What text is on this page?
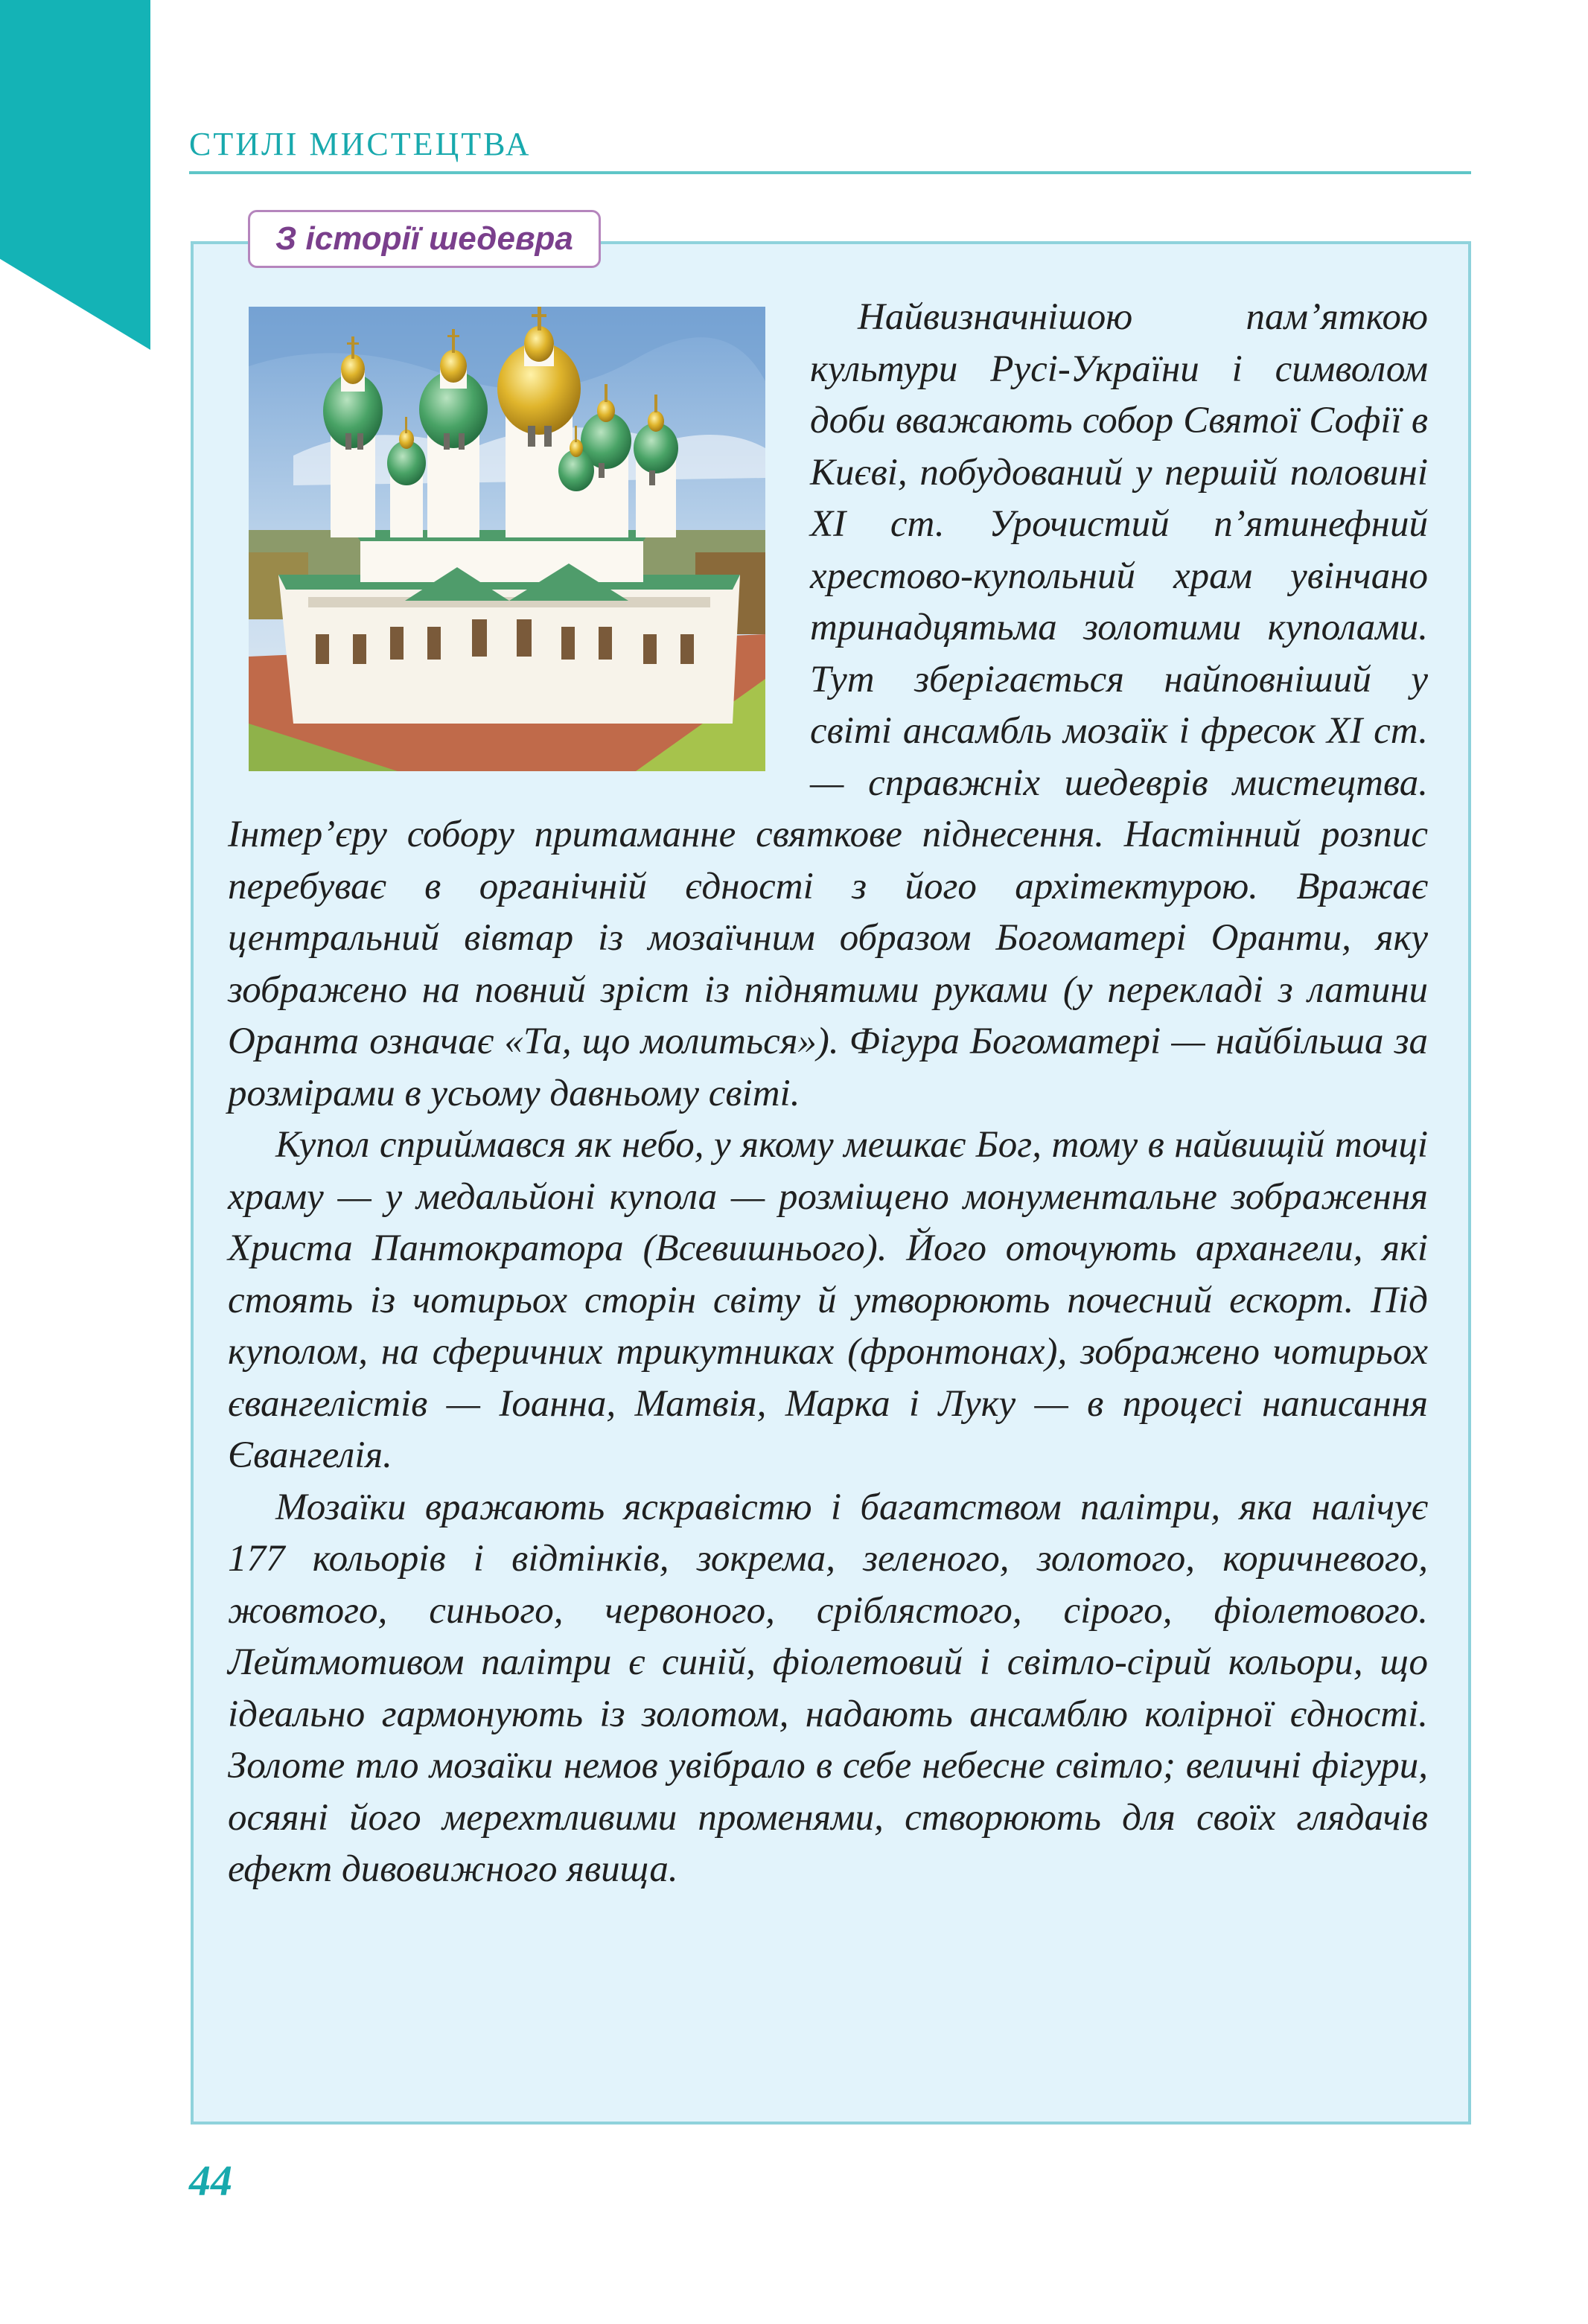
СТИЛІ МИСТЕЦТВА
З історії шедевра

Найвизначнішою пам’яткою культури Русі-України і символом доби вважають собор Святої Софії в Києві, побудований у першій половині XI ст. Урочистий п’ятинефний хрестово-купольний храм увінчано тринадцятьма золотими куполами. Тут зберігається найповніший у світі ансамбль мозаїк і фресок XI ст. — справжніх шедеврів мистецтва. Інтер’єру собору притаманне святкове піднесення. Настінний розпис перебуває в органічній єдності з його архітектурою. Вражає центральний вівтар із мозаїчним образом Богоматері Оранти, яку зображено на повний зріст із піднятими руками (у перекладі з латини Оранта означає «Та, що молиться»). Фігура Богоматері — найбільша за розмірами в усьому давньому світі.

Купол сприймався як небо, у якому мешкає Бог, тому в найвищій точці храму — у медальйоні купола — розміщено монументальне зображення Христа Пантократора (Всевишнього). Його оточують архангели, які стоять із чотирьох сторін світу й утворюють почесний ескорт. Під куполом, на сферичних трикутниках (фронтонах), зображено чотирьох євангелістів — Іоанна, Матвія, Марка і Луку — в процесі написання Євангелія.

Мозаїки вражають яскравістю і багатством палітри, яка налічує 177 кольорів і відтінків, зокрема, зеленого, золотого, коричневого, жовтого, синього, червоного, сріблястого, сірого, фіолетового. Лейтмотивом палітри є синій, фіолетовий і світло-сірий кольори, що ідеально гармонують із золотом, надають ансамблю колірної єдності. Золоте тло мозаїки немов увібрало в себе небесне світло; величні фігури, осяяні його мерехтливими променями, створюють для своїх глядачів ефект дивовижного явища.

44
